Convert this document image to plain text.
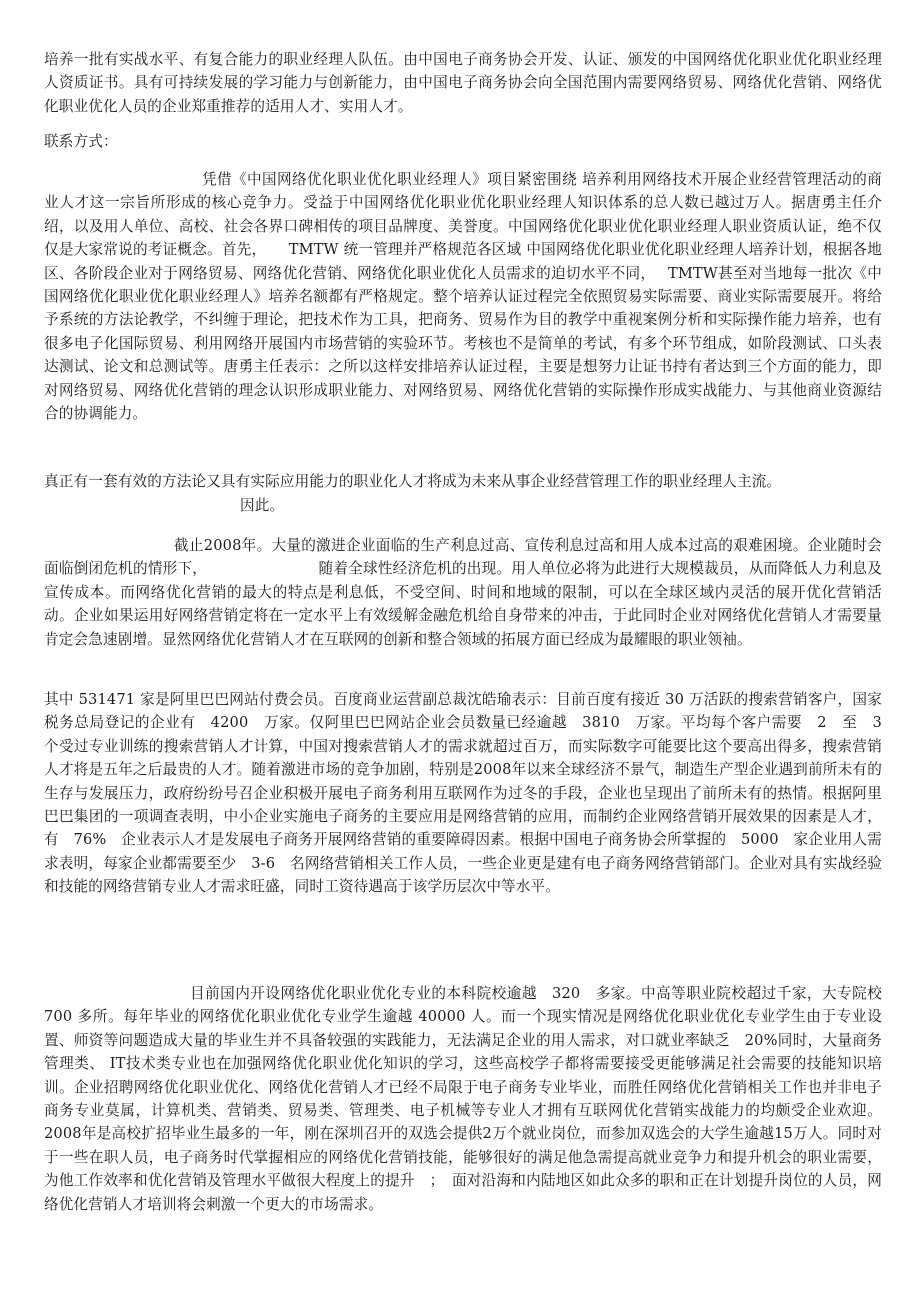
培养一批有实战水平、有复合能力的职业经理人队伍。由中国电子商务协会开发、认证、颁发的中国网络优化职业优化职业经理人资质证书。具有可持续发展的学习能力与创新能力，由中国电子商务协会向全国范围内需要网络贸易、网络优化营销、网络优化职业优化人员的企业郑重推荐的适用人才、实用人才。

联系方式：

凭借《中国网络优化职业优化职业经理人》项目紧密围绕 培养利用网络技术开展企业经营管理活动的商业人才这一宗旨所形成的核心竞争力。受益于中国网络优化职业优化职业经理人知识体系的总人数已越过万人。据唐勇主任介绍，以及用人单位、高校、社会各界口碑相传的项目品牌度、美誉度。中国网络优化职业优化职业经理人职业资质认证，绝不仅仅是大家常说的考证概念。首先，　　TMTW 统一管理并严格规范各区域 中国网络优化职业优化职业经理人培养计划，根据各地区、各阶段企业对于网络贸易、网络优化营销、网络优化职业优化人员需求的迫切水平不同，　 TMTW甚至对当地每一批次《中国网络优化职业优化职业经理人》培养名额都有严格规定。整个培养认证过程完全依照贸易实际需要、商业实际需要展开。将给予系统的方法论教学，不纠缠于理论，把技术作为工具，把商务、贸易作为目的教学中重视案例分析和实际操作能力培养，也有很多电子化国际贸易、利用网络开展国内市场营销的实验环节。考核也不是简单的考试，有多个环节组成，如阶段测试、口头表达测试、论文和总测试等。唐勇主任表示：之所以这样安排培养认证过程，主要是想努力让证书持有者达到三个方面的能力，即对网络贸易、网络优化营销的理念认识形成职业能力、对网络贸易、网络优化营销的实际操作形成实战能力、与其他商业资源结合的协调能力。

真正有一套有效的方法论又具有实际应用能力的职业化人才将成为未来从事企业经营管理工作的职业经理人主流。

因此。

截止2008年。大量的激进企业面临的生产利息过高、宣传利息过高和用人成本过高的艰难困境。企业随时会面临倒闭危机的情形下，　　　　　　　　随着全球性经济危机的出现。用人单位必将为此进行大规模裁员，从而降低人力利息及宣传成本。而网络优化营销的最大的特点是利息低，不受空间、时间和地域的限制，可以在全球区域内灵活的展开优化营销活动。企业如果运用好网络营销定将在一定水平上有效缓解金融危机给自身带来的冲击，于此同时企业对网络优化营销人才需要量肯定会急速剧增。显然网络优化营销人才在互联网的创新和整合领域的拓展方面已经成为最耀眼的职业领袖。

其中 531471 家是阿里巴巴网站付费会员。百度商业运营副总裁沈皓瑜表示：目前百度有接近 30 万活跃的搜索营销客户，国家税务总局登记的企业有　4200　万家。仅阿里巴巴网站企业会员数量已经逾越　3810　万家。平均每个客户需要　2　至　3　个受过专业训练的搜索营销人才计算，中国对搜索营销人才的需求就超过百万，而实际数字可能要比这个要高出得多，搜索营销人才将是五年之后最贵的人才。随着激进市场的竞争加剧，特别是2008年以来全球经济不景气，制造生产型企业遇到前所未有的生存与发展压力，政府纷纷号召企业积极开展电子商务利用互联网作为过冬的手段，企业也呈现出了前所未有的热情。根据阿里巴巴集团的一项调查表明，中小企业实施电子商务的主要应用是网络营销的应用，而制约企业网络营销开展效果的因素是人才，有　76%　企业表示人才是发展电子商务开展网络营销的重要障碍因素。根据中国电子商务协会所掌握的　5000　家企业用人需求表明，每家企业都需要至少　3-6　名网络营销相关工作人员，一些企业更是建有电子商务网络营销部门。企业对具有实战经验和技能的网络营销专业人才需求旺盛，同时工资待遇高于该学历层次中等水平。

目前国内开设网络优化职业优化专业的本科院校逾越　320　多家。中高等职业院校超过千家，大专院校 700 多所。每年毕业的网络优化职业优化专业学生逾越 40000 人。而一个现实情况是网络优化职业优化专业学生由于专业设置、师资等问题造成大量的毕业生并不具备较强的实践能力，无法满足企业的用人需求，对口就业率缺乏　20%同时，大量商务管理类、 IT技术类专业也在加强网络优化职业优化知识的学习，这些高校学子都将需要接受更能够满足社会需要的技能知识培训。企业招聘网络优化职业优化、网络优化营销人才已经不局限于电子商务专业毕业，而胜任网络优化营销相关工作也并非电子商务专业莫属，计算机类、营销类、贸易类、管理类、电子机械等专业人才拥有互联网优化营销实战能力的均颇受企业欢迎。 2008年是高校扩招毕业生最多的一年，刚在深圳召开的双选会提供2万个就业岗位，而参加双选会的大学生逾越15万人。同时对于一些在职人员，电子商务时代掌握相应的网络优化营销技能，能够很好的满足他急需提高就业竞争力和提升机会的职业需要，为他工作效率和优化营销及管理水平做很大程度上的提升　；　面对沿海和内陆地区如此众多的职和正在计划提升岗位的人员，网络优化营销人才培训将会刺激一个更大的市场需求。
